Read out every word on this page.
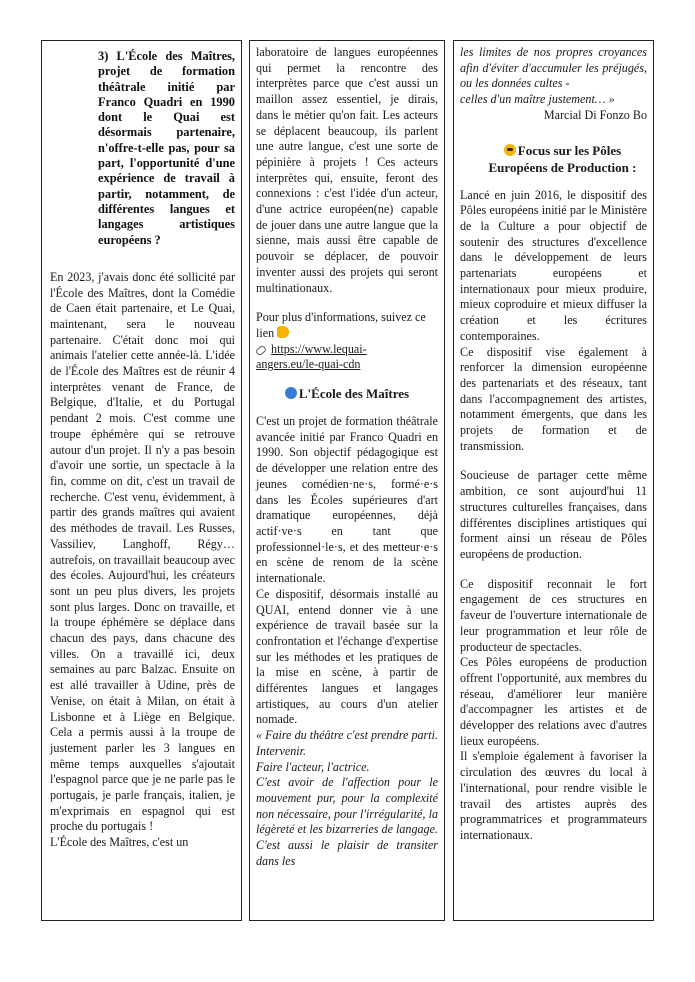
3) L'École des Maîtres, projet de formation théâtrale initié par Franco Quadri en 1990 dont le Quai est désormais partenaire, n'offre-t-elle pas, pour sa part, l'opportunité d'une expérience de travail à partir, notamment, de différentes langues et langages artistiques européens ?

En 2023, j'avais donc été sollicité par l'École des Maîtres, dont la Comédie de Caen était partenaire, et Le Quai, maintenant, sera le nouveau partenaire. C'était donc moi qui animais l'atelier cette année-là. L'idée de l'École des Maîtres est de réunir 4 interprètes venant de France, de Belgique, d'Italie, et du Portugal pendant 2 mois. C'est comme une troupe éphémère qui se retrouve autour d'un projet. Il n'y a pas besoin d'avoir une sortie, un spectacle à la fin, comme on dit, c'est un travail de recherche. C'est venu, évidemment, à partir des grands maîtres qui avaient des méthodes de travail. Les Russes, Vassiliev, Langhoff, Régy… autrefois, on travaillait beaucoup avec des écoles. Aujourd'hui, les créateurs sont un peu plus divers, les projets sont plus larges. Donc on travaille, et la troupe éphémère se déplace dans chacun des pays, dans chacune des villes. On a travaillé ici, deux semaines au parc Balzac. Ensuite on est allé travailler à Udine, près de Venise, on était à Milan, on était à Lisbonne et à Liège en Belgique. Cela a permis aussi à la troupe de justement parler les 3 langues en même temps auxquelles s'ajoutait l'espagnol parce que je ne parle pas le portugais, je parle français, italien, je m'exprimais en espagnol qui est proche du portugais !

L'École des Maîtres, c'est un

laboratoire de langues européennes qui permet la rencontre des interprètes parce que c'est aussi un maillon assez essentiel, je dirais, dans le métier qu'on fait. Les acteurs se déplacent beaucoup, ils parlent une autre langue, c'est une sorte de pépinière à projets ! Ces acteurs interprètes qui, ensuite, feront des connexions : c'est l'idée d'un acteur, d'une actrice européen(ne) capable de jouer dans une autre langue que la sienne, mais aussi être capable de pouvoir se déplacer, de pouvoir inventer aussi des projets qui seront multinationaux.

Pour plus d'informations, suivez ce lien

https://www.lequai-
angers.eu/le-quai-cdn

L'École des Maîtres

C'est un projet de formation théâtrale avancée initié par Franco Quadri en 1990. Son objectif pédagogique est de développer une relation entre des jeunes comédien·ne·s, formé·e·s dans les Écoles supérieures d'art dramatique européennes, déjà actif·ve·s en tant que professionnel·le·s, et des metteur·e·s en scène de renom de la scène internationale.

Ce dispositif, désormais installé au QUAI, entend donner vie à une expérience de travail basée sur la confrontation et l'échange d'expertise sur les méthodes et les pratiques de la mise en scène, à partir de différentes langues et langages artistiques, au cours d'un atelier nomade.

« Faire du théâtre c'est prendre parti. Intervenir.

Faire l'acteur, l'actrice.

C'est avoir de l'affection pour le mouvement pur, pour la complexité non nécessaire, pour l'irrégularité, la légèreté et les bizarreries de langage. C'est aussi le plaisir de transiter dans les

les limites de nos propres croyances afin d'éviter d'accumuler les préjugés, ou les données cultes -

celles d'un maître justement… »

Marcial Di Fonzo Bo

Focus sur les Pôles Européens de Production :

Lancé en juin 2016, le dispositif des Pôles européens initié par le Ministère de la Culture a pour objectif de soutenir des structures d'excellence dans le développement de leurs partenariats européens et internationaux pour mieux produire, mieux coproduire et mieux diffuser la création et les écritures contemporaines.

Ce dispositif vise également à renforcer la dimension européenne des partenariats et des réseaux, tant dans l'accompagnement des artistes, notamment émergents, que dans les projets de formation et de transmission.

Soucieuse de partager cette même ambition, ce sont aujourd'hui 11 structures culturelles françaises, dans différentes disciplines artistiques qui forment ainsi un réseau de Pôles européens de production.

Ce dispositif reconnait le fort engagement de ces structures en faveur de l'ouverture internationale de leur programmation et leur rôle de producteur de spectacles.

Ces Pôles européens de production offrent l'opportunité, aux membres du réseau, d'améliorer leur manière d'accompagner les artistes et de développer des relations avec d'autres lieux européens.

Il s'emploie également à favoriser la circulation des œuvres du local à l'international, pour rendre visible le travail des artistes auprès des programmatrices et programmateurs internationaux.
